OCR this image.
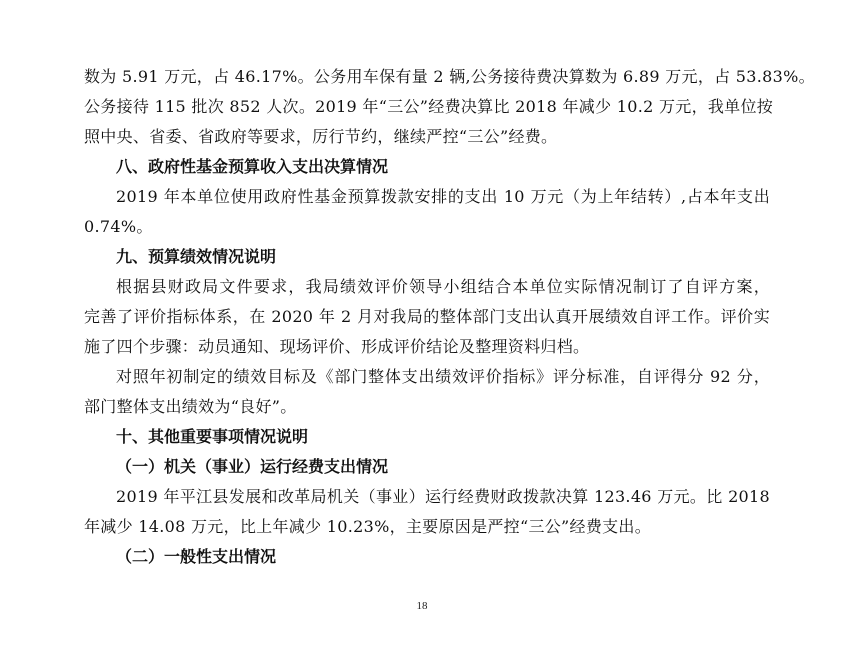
数为 5.91 万元，占 46.17%。公务用车保有量 2 辆,公务接待费决算数为 6.89 万元，占 53.83%。
公务接待 115 批次 852 人次。2019 年“三公”经费决算比 2018 年减少 10.2 万元，我单位按
照中央、省委、省政府等要求，厉行节约，继续严控“三公”经费。
八、政府性基金预算收入支出决算情况
2019 年本单位使用政府性基金预算拨款安排的支出 10 万元（为上年结转）,占本年支出
0.74%。
九、预算绩效情况说明
根据县财政局文件要求，我局绩效评价领导小组结合本单位实际情况制订了自评方案，
完善了评价指标体系，在 2020 年 2 月对我局的整体部门支出认真开展绩效自评工作。评价实
施了四个步骤：动员通知、现场评价、形成评价结论及整理资料归档。
对照年初制定的绩效目标及《部门整体支出绩效评价指标》评分标准，自评得分 92 分，
部门整体支出绩效为“良好”。
十、其他重要事项情况说明
（一）机关（事业）运行经费支出情况
2019 年平江县发展和改革局机关（事业）运行经费财政拨款决算 123.46 万元。比 2018
年减少 14.08 万元，比上年减少 10.23%，主要原因是严控“三公”经费支出。
（二）一般性支出情况
18
